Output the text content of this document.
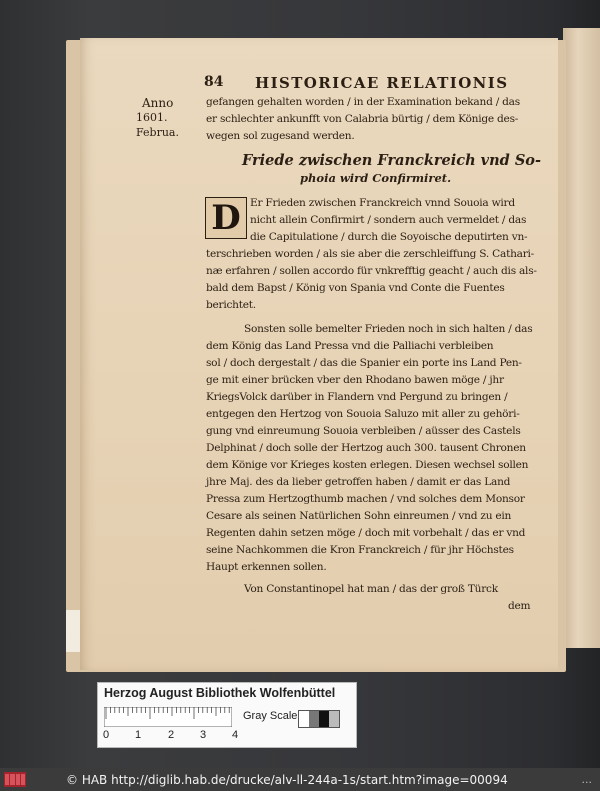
84 HISTORICAE RELATIONIS
Anno
1601.
Februa.
gefangen gehalten worden / in der Examination bekand / das
er schlechter ankunfft von Calabria bürtig / dem Könige des-
wegen sol zugesand werden.
Friede zwischen Franckreich vnd So-
phoia wird Confirmiret.
D Er Frieden zwischen Franckreich vnnd Souoia wird
nicht allein Confirmirt / sondern auch vermeldet / das
die Capitulatione / durch die Soyoische deputirten vn-
terschrieben worden / als sie aber die zerschleiffung S. Cathari-
næ erfahren / sollen accordo für vnkrefftig geacht / auch dis als-
bald dem Bapst / König von Spania vnd Conte die Fuentes
berichtet.
Sonsten solle bemelter Frieden noch in sich halten / das
dem König das Land Pressa vnd die Palliachi verbleiben
sol / doch dergestalt / das die Spanier ein porte ins Land Pen-
ge mit einer brücken vber den Rhodano bawen möge / jhr
KriegsVolck darüber in Flandern vnd Pergund zu bringen /
entgegen den Hertzog von Souoia Saluzo mit aller zu gehöri-
gung vnd einreumung Souoia verbleiben / aüsser des Castels
Delphinat / doch solle der Hertzog auch 300. tausent Chronen
dem Könige vor Krieges kosten erlegen. Diesen wechsel sollen
jhre Maj. des da lieber getroffen haben / damit er das Land
Pressa zum Hertzogthumb machen / vnd solches dem Monsor
Cesare als seinen Natürlichen Sohn einreumen / vnd zu ein
Regenten dahin setzen möge / doch mit vorbehalt / das er vnd
seine Nachkommen die Kron Franckreich / für jhr Höchstes
Haupt erkennen sollen.
Von Constantinopel hat man / das der groß Türck
dem
Herzog August Bibliothek Wolfenbüttel
0 1 2 3 4
Gray Scale
© HAB http://diglib.hab.de/drucke/alv-ll-244a-1s/start.htm?image=00094	...
